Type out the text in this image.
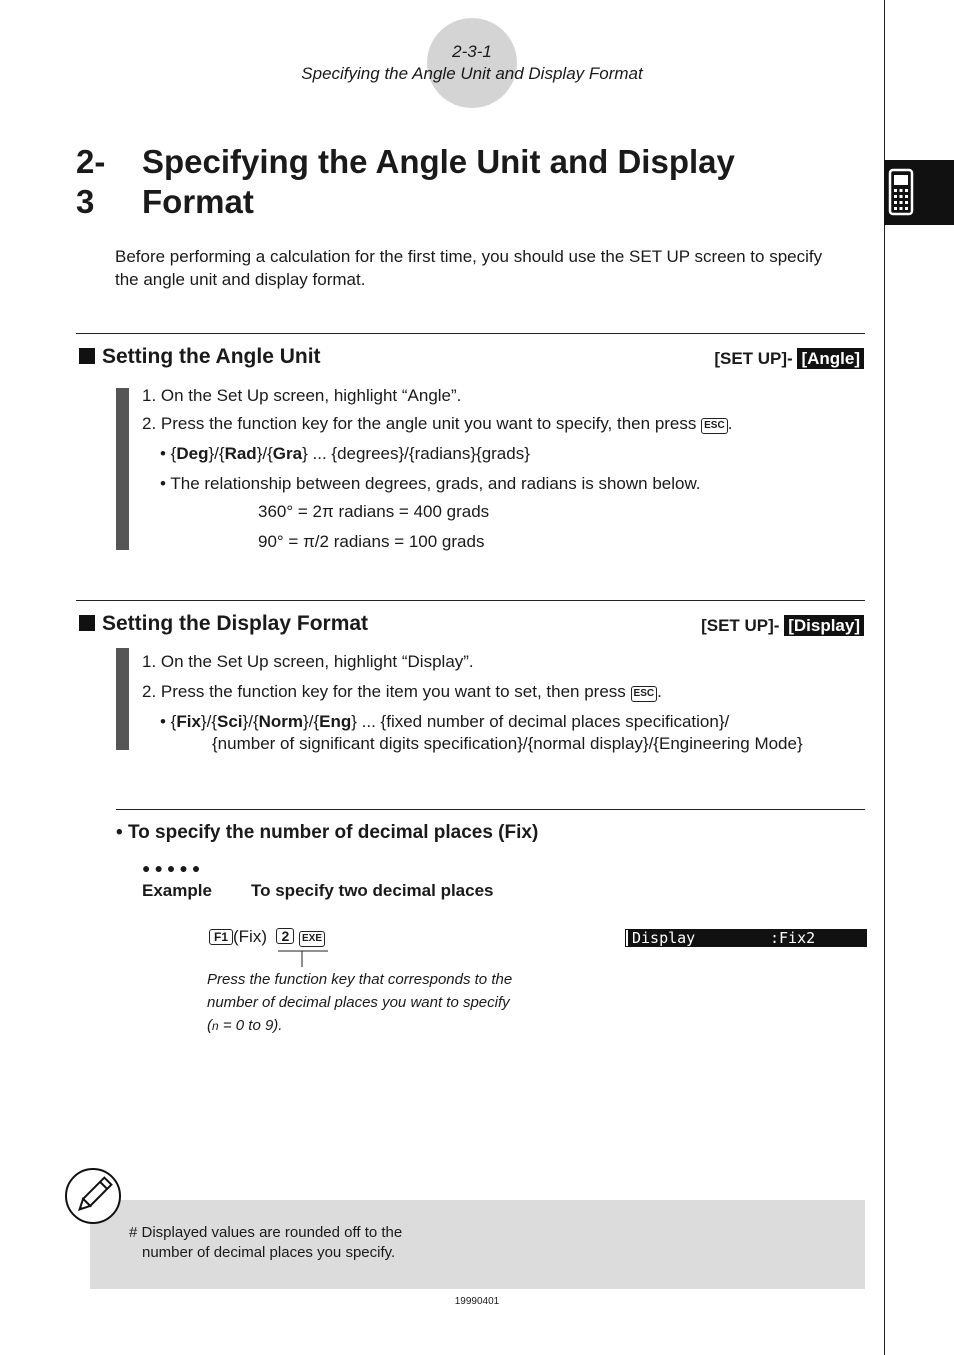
2-3-1
Specifying the Angle Unit and Display Format
2-3
Specifying the Angle Unit and Display
Format
Before performing a calculation for the first time, you should use the SET UP screen to specify the angle unit and display format.
Setting the Angle Unit	[SET UP]- [Angle]
1. On the Set Up screen, highlight “Angle”.
2. Press the function key for the angle unit you want to specify, then press ESC .
• {Deg}/{Rad}/{Gra} ... {degrees}/{radians}{grads}
• The relationship between degrees, grads, and radians is shown below.
360° = 2π radians = 400 grads
90° = π/2 radians = 100 grads
Setting the Display Format	[SET UP]- [Display]
1. On the Set Up screen, highlight “Display”.
2. Press the function key for the item you want to set, then press ESC .
• {Fix}/{Sci}/{Norm}/{Eng} ... {fixed number of decimal places specification}/
{number of significant digits specification}/{normal display}/{Engineering Mode}
• To specify the number of decimal places (Fix)
●●●●●
Example To specify two decimal places
F1 (Fix) 2 EXE
Press the function key that corresponds to the
number of decimal places you want to specify
(n = 0 to 9).
Display	:Fix2
# Displayed values are rounded off to the
number of decimal places you specify.
19990401
